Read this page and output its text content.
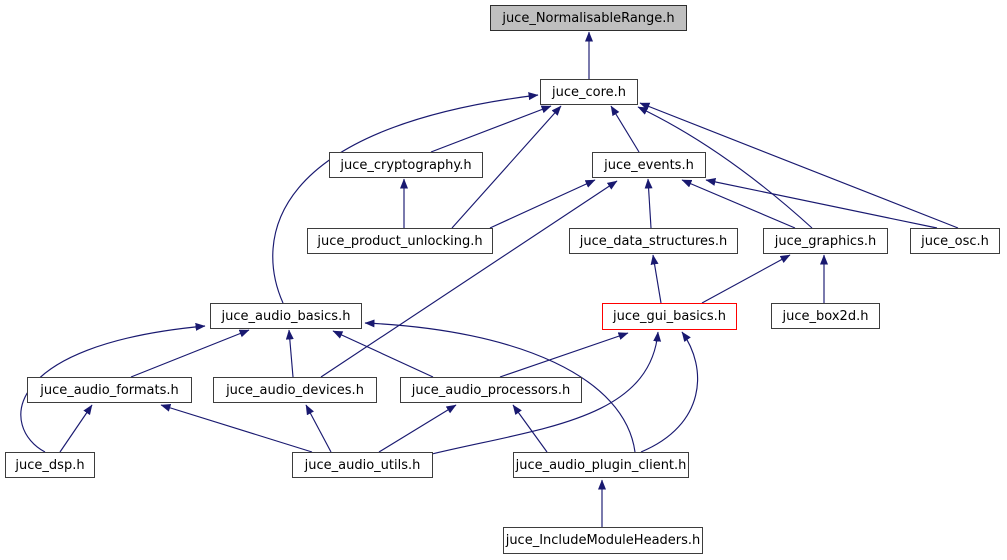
juce_NormalisableRange.h
juce_core.h
juce_cryptography.h	juce_events.h
juce_product_unlocking.h	juce_data_structures.h	juce_graphics.h	juce_osc.h
juce_audio_basics.h	juce_gui_basics.h	juce_box2d.h
juce_audio_formats.h	juce_audio_devices.h	juce_audio_processors.h
juce_dsp.h	juce_audio_utils.h	juce_audio_plugin_client.h
juce_IncludeModuleHeaders.h
